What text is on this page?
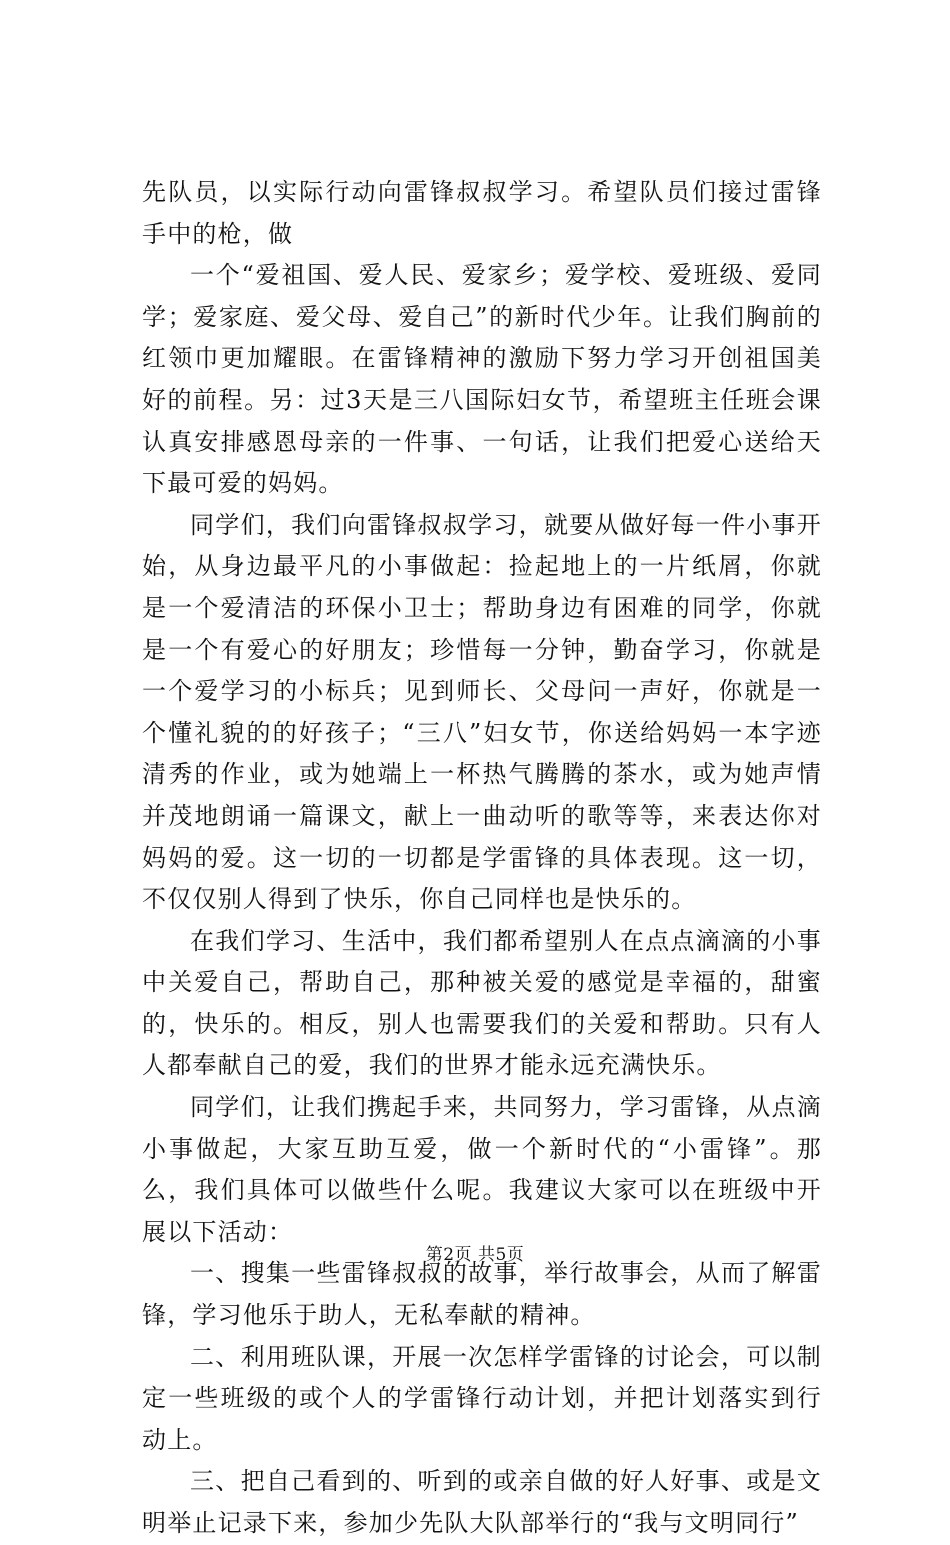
先队员，以实际行动向雷锋叔叔学习。希望队员们接过雷锋手中的枪，做

一个“爱祖国、爱人民、爱家乡；爱学校、爱班级、爱同学；爱家庭、爱父母、爱自己”的新时代少年。让我们胸前的红领巾更加耀眼。在雷锋精神的激励下努力学习开创祖国美好的前程。另：过3天是三八国际妇女节，希望班主任班会课认真安排感恩母亲的一件事、一句话，让我们把爱心送给天下最可爱的妈妈。

同学们，我们向雷锋叔叔学习，就要从做好每一件小事开始，从身边最平凡的小事做起：捡起地上的一片纸屑，你就是一个爱清洁的环保小卫士；帮助身边有困难的同学，你就是一个有爱心的好朋友；珍惜每一分钟，勤奋学习，你就是一个爱学习的小标兵；见到师长、父母问一声好，你就是一个懂礼貌的的好孩子；“三八”妇女节，你送给妈妈一本字迹清秀的作业，或为她端上一杯热气腾腾的茶水，或为她声情并茂地朗诵一篇课文，献上一曲动听的歌等等，来表达你对妈妈的爱。这一切的一切都是学雷锋的具体表现。这一切，不仅仅别人得到了快乐，你自己同样也是快乐的。

在我们学习、生活中，我们都希望别人在点点滴滴的小事中关爱自己，帮助自己，那种被关爱的感觉是幸福的，甜蜜的，快乐的。相反，别人也需要我们的关爱和帮助。只有人人都奉献自己的爱，我们的世界才能永远充满快乐。

同学们，让我们携起手来，共同努力，学习雷锋，从点滴小事做起，大家互助互爱，做一个新时代的“小雷锋”。那么，我们具体可以做些什么呢。我建议大家可以在班级中开展以下活动：

一、搜集一些雷锋叔叔的故事，举行故事会，从而了解雷锋，学习他乐于助人，无私奉献的精神。

二、利用班队课，开展一次怎样学雷锋的讨论会，可以制定一些班级的或个人的学雷锋行动计划，并把计划落实到行动上。

三、把自己看到的、听到的或亲自做的好人好事、或是文明举止记录下来，参加少先队大队部举行的“我与文明同行”

第2页 共5页
